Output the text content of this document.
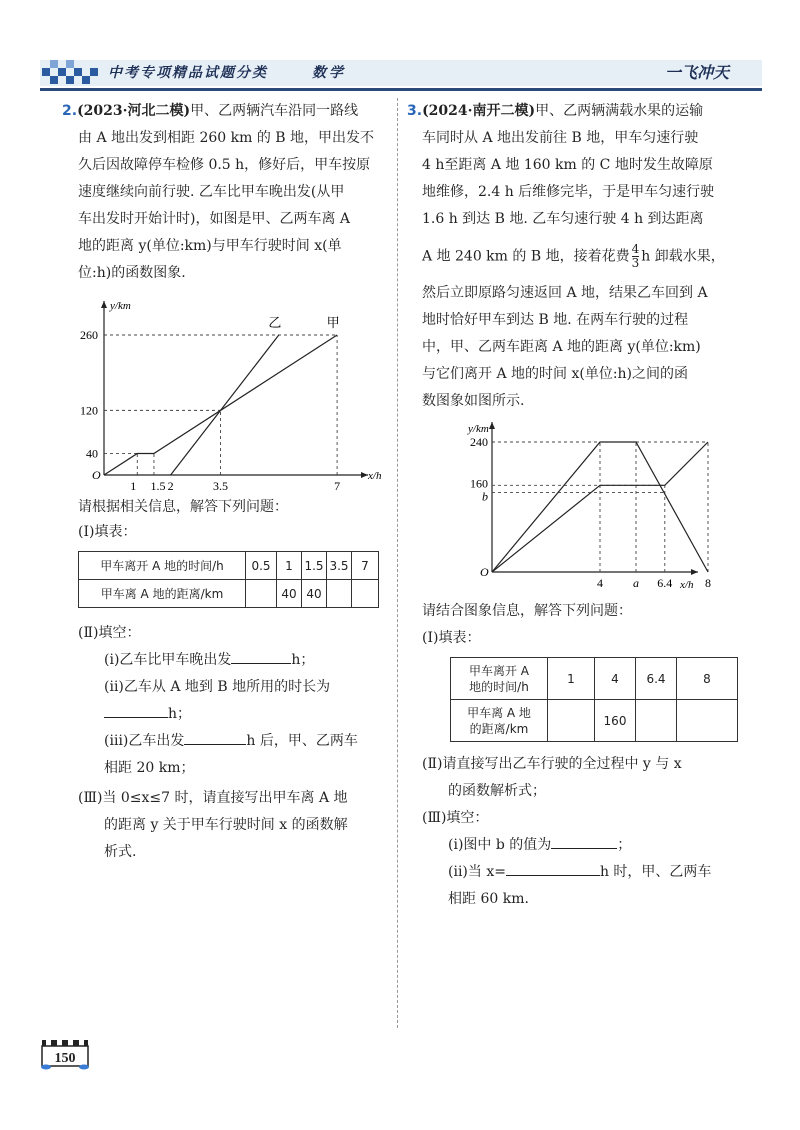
中考专项精品试题分类	数学	一飞冲天
2.(2023·河北二模)甲、乙两辆汽车沿同一路线
由 A 地出发到相距 260 km 的 B 地，甲出发不
久后因故障停车检修 0.5 h，修好后，甲车按原
速度继续向前行驶. 乙车比甲车晚出发(从甲
车出发时开始计时)，如图是甲、乙两车离 A
地的距离 y(单位:km)与甲车行驶时间 x(单
位:h)的函数图象.
y/km
x/h
O
40
120
260
1 1.5 2	3.5	7
甲
乙
请根据相关信息，解答下列问题：
(Ⅰ)填表：
甲车离开 A 地的时间/h	0.5	1	1.5	3.5	7
甲车离 A 地的距离/km		40	40		
(Ⅱ)填空：
(ⅰ)乙车比甲车晚出发	h；
(ⅱ)乙车从 A 地到 B 地所用的时长为
h；
(ⅲ)乙车出发	h 后，甲、乙两车
相距 20 km；
(Ⅲ)当 0≤x≤7 时，请直接写出甲车离 A 地
的距离 y 关于甲车行驶时间 x 的函数解
析式.
3.(2024·南开二模)甲、乙两辆满载水果的运输
车同时从 A 地出发前往 B 地，甲车匀速行驶
4 h至距离 A 地 160 km 的 C 地时发生故障原
地维修，2.4 h 后维修完毕，于是甲车匀速行驶
1.6 h 到达 B 地. 乙车匀速行驶 4 h 到达距离
A 地 240 km 的 B 地，接着花费 $\frac{4}{3}$ h 卸载水果，
然后立即原路匀速返回 A 地，结果乙车回到 A
地时恰好甲车到达 B 地. 在两车行驶的过程
中，甲、乙两车距离 A 地的距离 y(单位:km)
与它们离开 A 地的时间 x(单位:h)之间的函
数图象如图所示.
y/km
x/h
O
240
160
b
4 a 6.4	8
请结合图象信息，解答下列问题：
(Ⅰ)填表：
甲车离开 A
地的时间/h	1	4	6.4	8
甲车离 A 地
的距离/km		160		
(Ⅱ)请直接写出乙车行驶的全过程中 y 与 x
的函数解析式；
(Ⅲ)填空：
(ⅰ)图中 b 的值为	；
(ⅱ)当 x=	h 时，甲、乙两车
相距 60 km.
150
